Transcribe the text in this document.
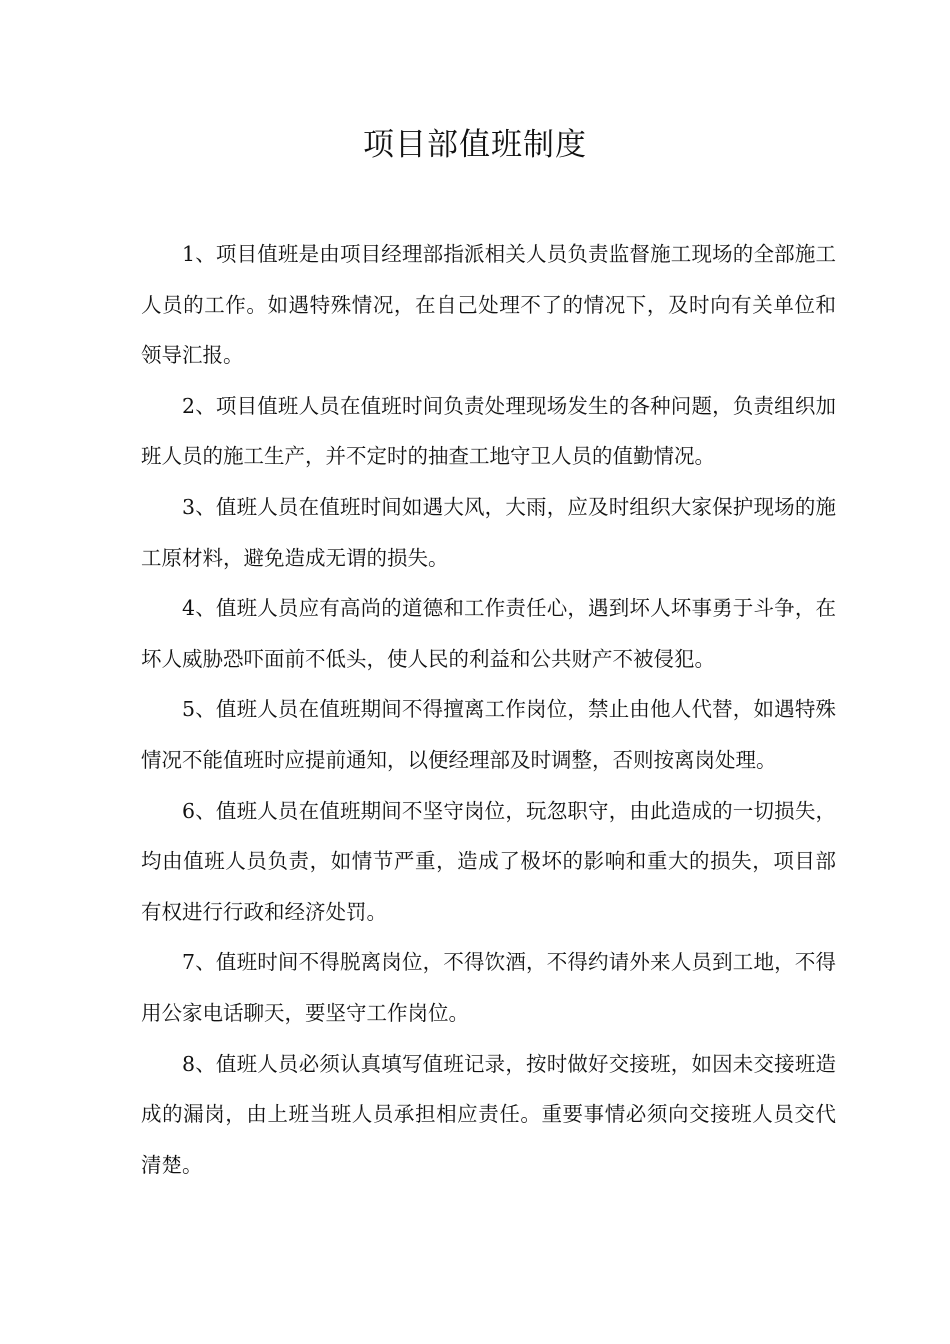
项目部值班制度

1、项目值班是由项目经理部指派相关人员负责监督施工现场的全部施工人员的工作。如遇特殊情况，在自己处理不了的情况下，及时向有关单位和领导汇报。

2、项目值班人员在值班时间负责处理现场发生的各种问题，负责组织加班人员的施工生产，并不定时的抽查工地守卫人员的值勤情况。

3、值班人员在值班时间如遇大风，大雨，应及时组织大家保护现场的施工原材料，避免造成无谓的损失。

4、值班人员应有高尚的道德和工作责任心，遇到坏人坏事勇于斗争，在坏人威胁恐吓面前不低头，使人民的利益和公共财产不被侵犯。

5、值班人员在值班期间不得擅离工作岗位，禁止由他人代替，如遇特殊情况不能值班时应提前通知，以便经理部及时调整，否则按离岗处理。

6、值班人员在值班期间不坚守岗位，玩忽职守，由此造成的一切损失，均由值班人员负责，如情节严重，造成了极坏的影响和重大的损失，项目部有权进行行政和经济处罚。

7、值班时间不得脱离岗位，不得饮酒，不得约请外来人员到工地，不得用公家电话聊天，要坚守工作岗位。

8、值班人员必须认真填写值班记录，按时做好交接班，如因未交接班造成的漏岗，由上班当班人员承担相应责任。重要事情必须向交接班人员交代清楚。
